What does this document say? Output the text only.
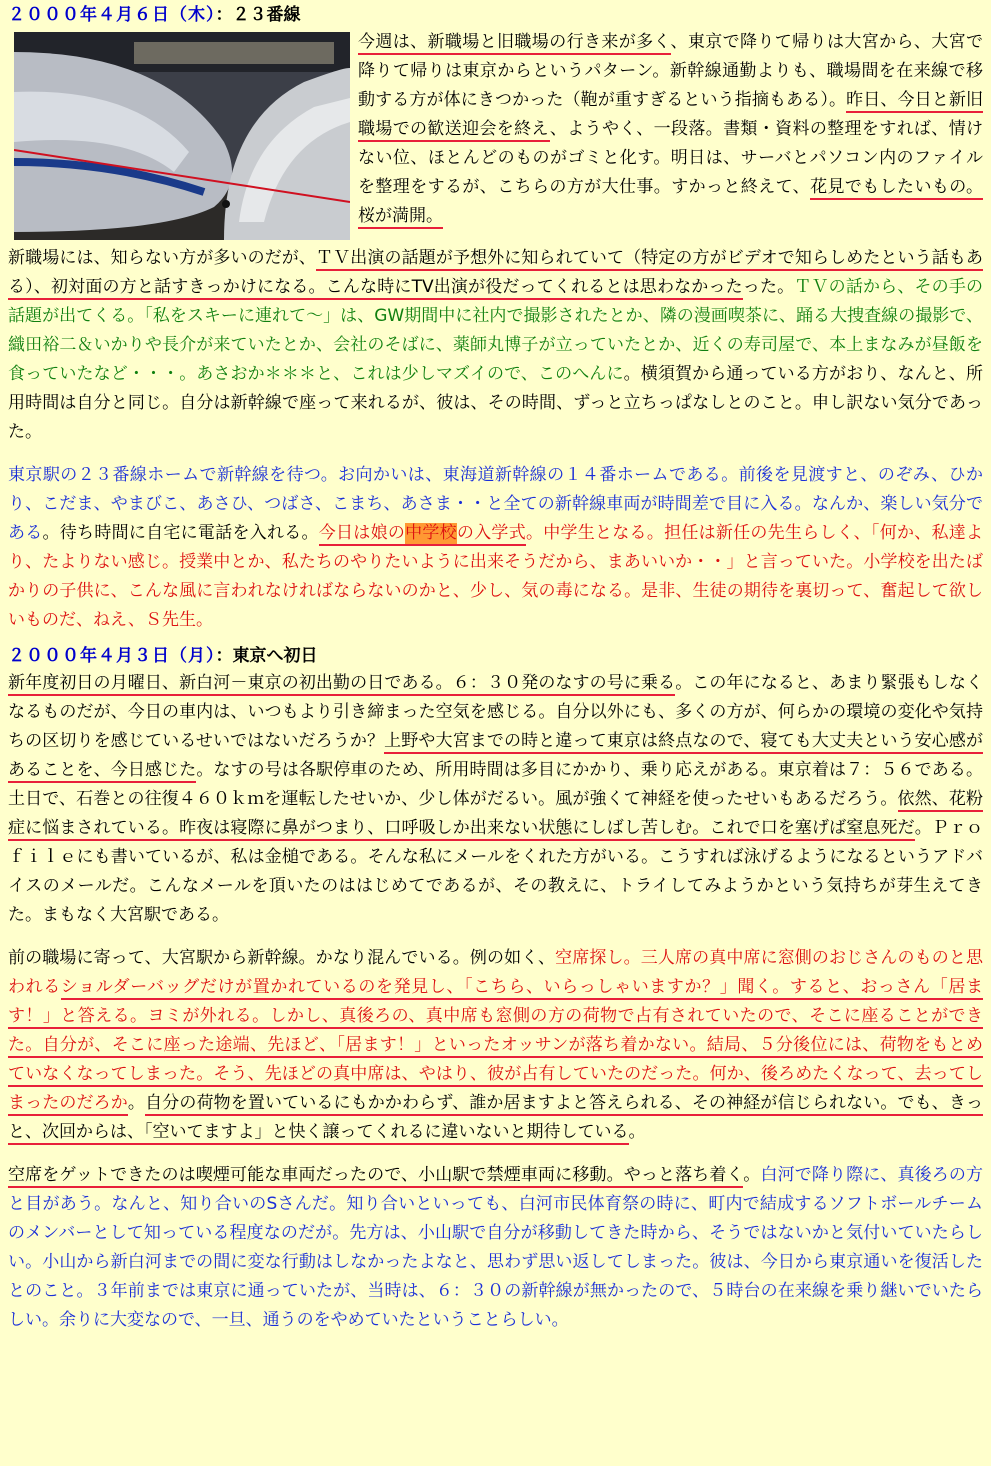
２０００年４月６日（木）：２３番線

今週は、新職場と旧職場の行き来が多く、東京で降りて帰りは大宮から、大宮で降りて帰りは東京からというパターン。新幹線通勤よりも、職場間を在来線で移動する方が体にきつかった（鞄が重すぎるという指摘もある）。昨日、今日と新旧職場での歓送迎会を終え、ようやく、一段落。書類・資料の整理をすれば、情けない位、ほとんどのものがゴミと化す。明日は、サーバとパソコン内のファイルを整理をするが、こちらの方が大仕事。すかっと終えて、花見でもしたいもの。桜が満開。

新職場には、知らない方が多いのだが、ＴＶ出演の話題が予想外に知られていて（特定の方がビデオで知らしめたという話もある）、初対面の方と話すきっかけになる。こんな時にTV出演が役だってくれるとは思わなかったった。ＴＶの話から、その手の話題が出てくる。「私をスキーに連れて～」は、GW期間中に社内で撮影されたとか、隣の漫画喫茶に、踊る大捜査線の撮影で、織田裕二＆いかりや長介が来ていたとか、会社のそばに、薬師丸博子が立っていたとか、近くの寿司屋で、本上まなみが昼飯を食っていたなど・・・。あさおか＊＊＊と、これは少しマズイので、このへんに。横須賀から通っている方がおり、なんと、所用時間は自分と同じ。自分は新幹線で座って来れるが、彼は、その時間、ずっと立ちっぱなしとのこと。申し訳ない気分であった。

東京駅の２３番線ホームで新幹線を待つ。お向かいは、東海道新幹線の１４番ホームである。前後を見渡すと、のぞみ、ひかり、こだま、やまびこ、あさひ、つばさ、こまち、あさま・・と全ての新幹線車両が時間差で目に入る。なんか、楽しい気分である。待ち時間に自宅に電話を入れる。今日は娘の中学校の入学式。中学生となる。担任は新任の先生らしく、「何か、私達より、たよりない感じ。授業中とか、私たちのやりたいように出来そうだから、まあいいか・・」と言っていた。小学校を出たばかりの子供に、こんな風に言われなければならないのかと、少し、気の毒になる。是非、生徒の期待を裏切って、奮起して欲しいものだ、ねえ、Ｓ先生。

２０００年４月３日（月）：東京へ初日

新年度初日の月曜日、新白河－東京の初出勤の日である。６：３０発のなすの号に乗る。この年になると、あまり緊張もしなくなるものだが、今日の車内は、いつもより引き締まった空気を感じる。自分以外にも、多くの方が、何らかの環境の変化や気持ちの区切りを感じているせいではないだろうか？上野や大宮までの時と違って東京は終点なので、寝ても大丈夫という安心感があることを、今日感じた。なすの号は各駅停車のため、所用時間は多目にかかり、乗り応えがある。東京着は７：５６である。土日で、石巻との往復４６０ｋｍを運転したせいか、少し体がだるい。風が強くて神経を使ったせいもあるだろう。依然、花粉症に悩まされている。昨夜は寝際に鼻がつまり、口呼吸しか出来ない状態にしばし苦しむ。これで口を塞げば窒息死だ。Ｐｒｏｆｉｌｅにも書いているが、私は金槌である。そんな私にメールをくれた方がいる。こうすれば泳げるようになるというアドバイスのメールだ。こんなメールを頂いたのははじめてであるが、その教えに、トライしてみようかという気持ちが芽生えてきた。まもなく大宮駅である。

前の職場に寄って、大宮駅から新幹線。かなり混んでいる。例の如く、空席探し。三人席の真中席に窓側のおじさんのものと思われるショルダーバッグだけが置かれているのを発見し、「こちら、いらっしゃいますか？」聞く。すると、おっさん「居ます！」と答える。ヨミが外れる。しかし、真後ろの、真中席も窓側の方の荷物で占有されていたので、そこに座ることができた。自分が、そこに座った途端、先ほど、「居ます！」といったオッサンが落ち着かない。結局、５分後位には、荷物をもとめていなくなってしまった。そう、先ほどの真中席は、やはり、彼が占有していたのだった。何か、後ろめたくなって、去ってしまったのだろか。自分の荷物を置いているにもかかわらず、誰か居ますよと答えられる、その神経が信じられない。でも、きっと、次回からは、「空いてますよ」と快く譲ってくれるに違いないと期待している。

空席をゲットできたのは喫煙可能な車両だったので、小山駅で禁煙車両に移動。やっと落ち着く。白河で降り際に、真後ろの方と目があう。なんと、知り合いのSさんだ。知り合いといっても、白河市民体育祭の時に、町内で結成するソフトボールチームのメンバーとして知っている程度なのだが。先方は、小山駅で自分が移動してきた時から、そうではないかと気付いていたらしい。小山から新白河までの間に変な行動はしなかったよなと、思わず思い返してしまった。彼は、今日から東京通いを復活したとのこと。３年前までは東京に通っていたが、当時は、６：３０の新幹線が無かったので、５時台の在来線を乗り継いでいたらしい。余りに大変なので、一旦、通うのをやめていたということらしい。
